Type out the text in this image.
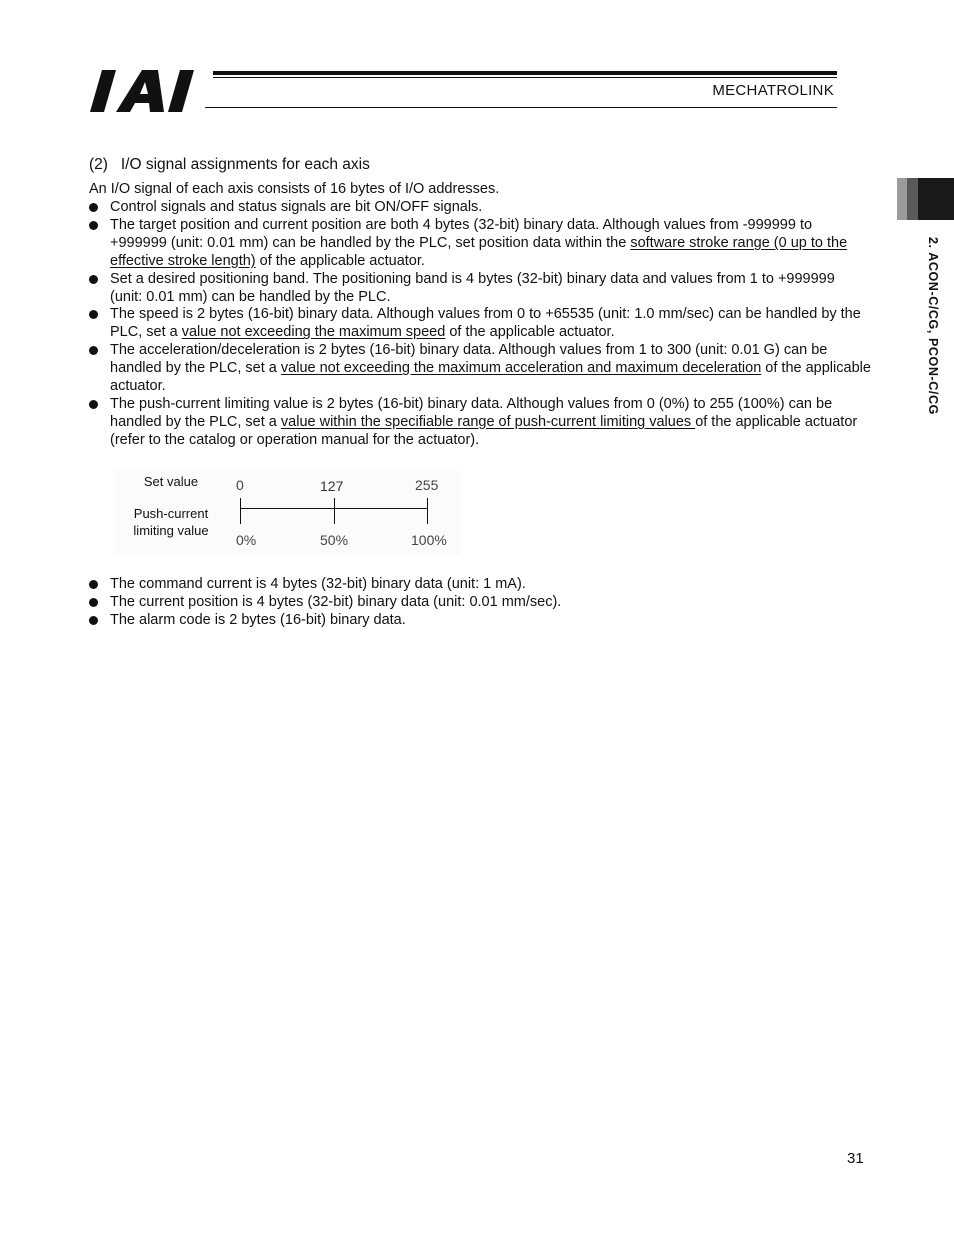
MECHATROLINK
2. ACON-C/CG, PCON-C/CG
(2)   I/O signal assignments for each axis
An I/O signal of each axis consists of 16 bytes of I/O addresses.
Control signals and status signals are bit ON/OFF signals.
The target position and current position are both 4 bytes (32-bit) binary data. Although values from -999999 to +999999 (unit: 0.01 mm) can be handled by the PLC, set position data within the software stroke range (0 up to the effective stroke length) of the applicable actuator.
Set a desired positioning band. The positioning band is 4 bytes (32-bit) binary data and values from 1 to +999999 (unit: 0.01 mm) can be handled by the PLC.
The speed is 2 bytes (16-bit) binary data. Although values from 0 to +65535 (unit: 1.0 mm/sec) can be handled by the PLC, set a value not exceeding the maximum speed of the applicable actuator.
The acceleration/deceleration is 2 bytes (16-bit) binary data. Although values from 1 to 300 (unit: 0.01 G) can be handled by the PLC, set a value not exceeding the maximum acceleration and maximum deceleration of the applicable actuator.
The push-current limiting value is 2 bytes (16-bit) binary data. Although values from 0 (0%) to 255 (100%) can be handled by the PLC, set a value within the specifiable range of push-current limiting values of the applicable actuator (refer to the catalog or operation manual for the actuator).
Set value
Push-current
limiting value
0	127	255
0%	50%	100%
The command current is 4 bytes (32-bit) binary data (unit: 1 mA).
The current position is 4 bytes (32-bit) binary data (unit: 0.01 mm/sec).
The alarm code is 2 bytes (16-bit) binary data.
31
